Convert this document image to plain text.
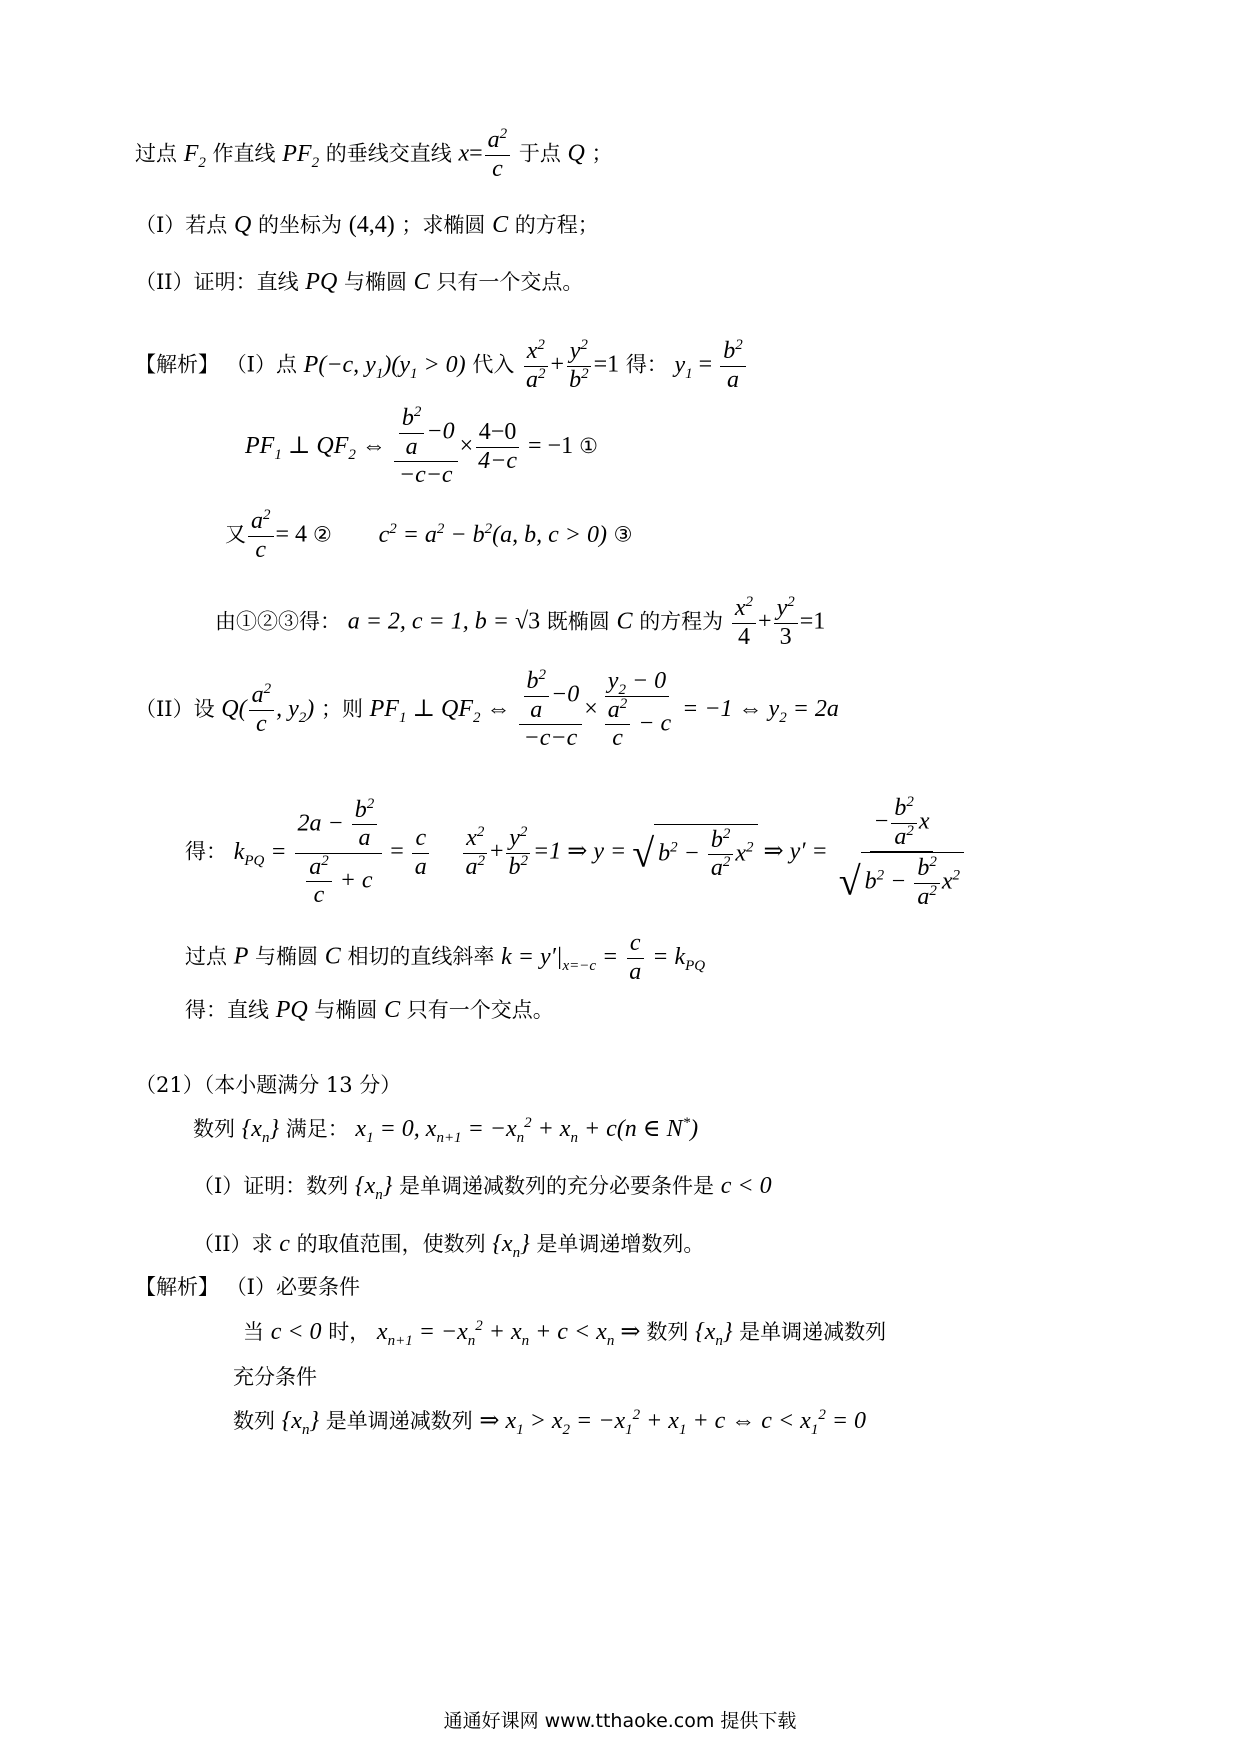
过点 $F_2$ 作直线 $PF_2$ 的垂线交直线 $x= \frac{a^2}{c}$ 于点 Q ；
（I）若点 Q 的坐标为 (4,4) ；求椭圆 C 的方程；
（II）证明：直线 PQ 与椭圆 C 只有一个交点。
【解析】 （I）点 P(−c, $y_1)(y_1 > 0)$ 代入 $\frac{x^2}{a^2} + \frac{y^2}{b^2} =1$ 得： $y_1 = \frac{b^2}{a}$
$PF_1$ ⊥ $QF_2$ ⇔ $\frac{\frac{b^2}{a} -0}{-c-c} \times \frac{4-0}{4-c} = -1$ ①
又 $\frac{a^2}{c} = 4$ ② $c^2 = a^2 - b^2(a$, b, c > 0) ③
由①②③得： a = 2, c = 1, b = √3 既椭圆 C 的方程为 $\frac{x^2}{4} + \frac{y^2}{3} =1$
（II）设 $Q( \frac{a^2}{c}$ , $y_2$) ；则 $PF_1$ ⊥ $QF_2$ ⇔ $\frac{\frac{b^2}{a} -0}{-c-c} \times \frac{y_2 - 0}{\frac{a^2}{c} - c} = -1$ ⇔ $y_2 = 2a$
得： $k_{PQ} = \frac{2a - \frac{b^2}{a}}{\frac{a^2}{c} + c} = \frac{c}{a}$
$\frac{x^2}{a^2} + \frac{y^2}{b^2} =1$ ⇒ y = √ $b^2 - \frac{b^2}{a^2} x^2$ ⇒ $y' = \frac{- \frac{b^2}{a^2} x}{√ b^2 - \frac{b^2}{a^2} x^2}$
过点 P 与椭圆 C 相切的直线斜率 $k = y'|_{x=-c} = \frac{c}{a} = k_{PQ}$
得：直线 PQ 与椭圆 C 只有一个交点。
（21）（本小题满分 13 分）
数列 $\{x_n\}$ 满足： $x_1 = 0$, $x_{n+1} = -x_n^2 + x_n + c(n$ ∈ N*)
（I）证明：数列 $\{x_n\}$ 是单调递减数列的充分必要条件是 c < 0
（II）求 c 的取值范围，使数列 $\{x_n\}$ 是单调递增数列。
【解析】 （I）必要条件
当 c < 0 时， $x_{n+1} = -x_n^2 + x_n + c < x_n$ ⇒ 数列 $\{x_n\}$ 是单调递减数列
充分条件
数列 $\{x_n\}$ 是单调递减数列 ⇒ $x_1 > x_2 = -x_1^2 + x_1 + c$ ⇔ $c < x_1^2 = 0$
通通好课网 www.tthaoke.com 提供下载
